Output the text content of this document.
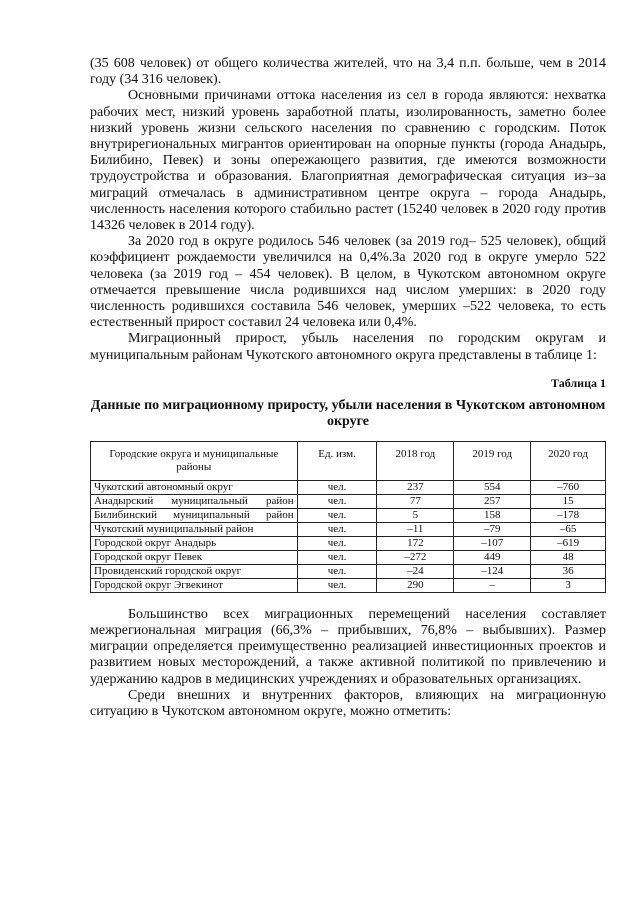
(35 608 человек) от общего количества жителей, что на 3,4 п.п. больше, чем в 2014 году (34 316 человек).

Основными причинами оттока населения из сел в города являются: нехватка рабочих мест, низкий уровень заработной платы, изолированность, заметно более низкий уровень жизни сельского населения по сравнению с городским. Поток внутрирегиональных мигрантов ориентирован на опорные пункты (города Анадырь, Билибино, Певек) и зоны опережающего развития, где имеются возможности трудоустройства и образования. Благоприятная демографическая ситуация из–за миграций отмечалась в административном центре округа – города Анадырь, численность населения которого стабильно растет (15240 человек в 2020 году против 14326 человек в 2014 году).

За 2020 год в округе родилось 546 человек (за 2019 год– 525 человек), общий коэффициент рождаемости увеличился на 0,4%.За 2020 год в округе умерло 522 человека (за 2019 год – 454 человек). В целом, в Чукотском автономном округе отмечается превышение числа родившихся над числом умерших: в 2020 году численность родившихся составила 546 человек, умерших –522 человека, то есть естественный прирост составил 24 человека или 0,4%.

Миграционный прирост, убыль населения по городским округам и муниципальным районам Чукотского автономного округа представлены в таблице 1:

Таблица 1
Данные по миграционному приросту, убыли населения в Чукотском автономном округе
Городские округа и муниципальные районы	Ед. изм.	2018 год	2019 год	2020 год
Чукотский автономный округ	чел.	237	554	–760
Анадырский муниципальный район	чел.	77	257	15
Билибинский муниципальный район	чел.	5	158	–178
Чукотский муниципальный район	чел.	–11	–79	–65
Городской округ Анадырь	чел.	172	–107	–619
Городской округ Певек	чел.	–272	449	48
Провиденский городской округ	чел.	–24	–124	36
Городской округ Эгвекинот	чел.	290	–	3

Большинство всех миграционных перемещений населения составляет межрегиональная миграция (66,3% – прибывших, 76,8% – выбывших). Размер миграции определяется преимущественно реализацией инвестиционных проектов и развитием новых месторождений, а также активной политикой по привлечению и удержанию кадров в медицинских учреждениях и образовательных организациях.

Среди внешних и внутренних факторов, влияющих на миграционную ситуацию в Чукотском автономном округе, можно отметить:
